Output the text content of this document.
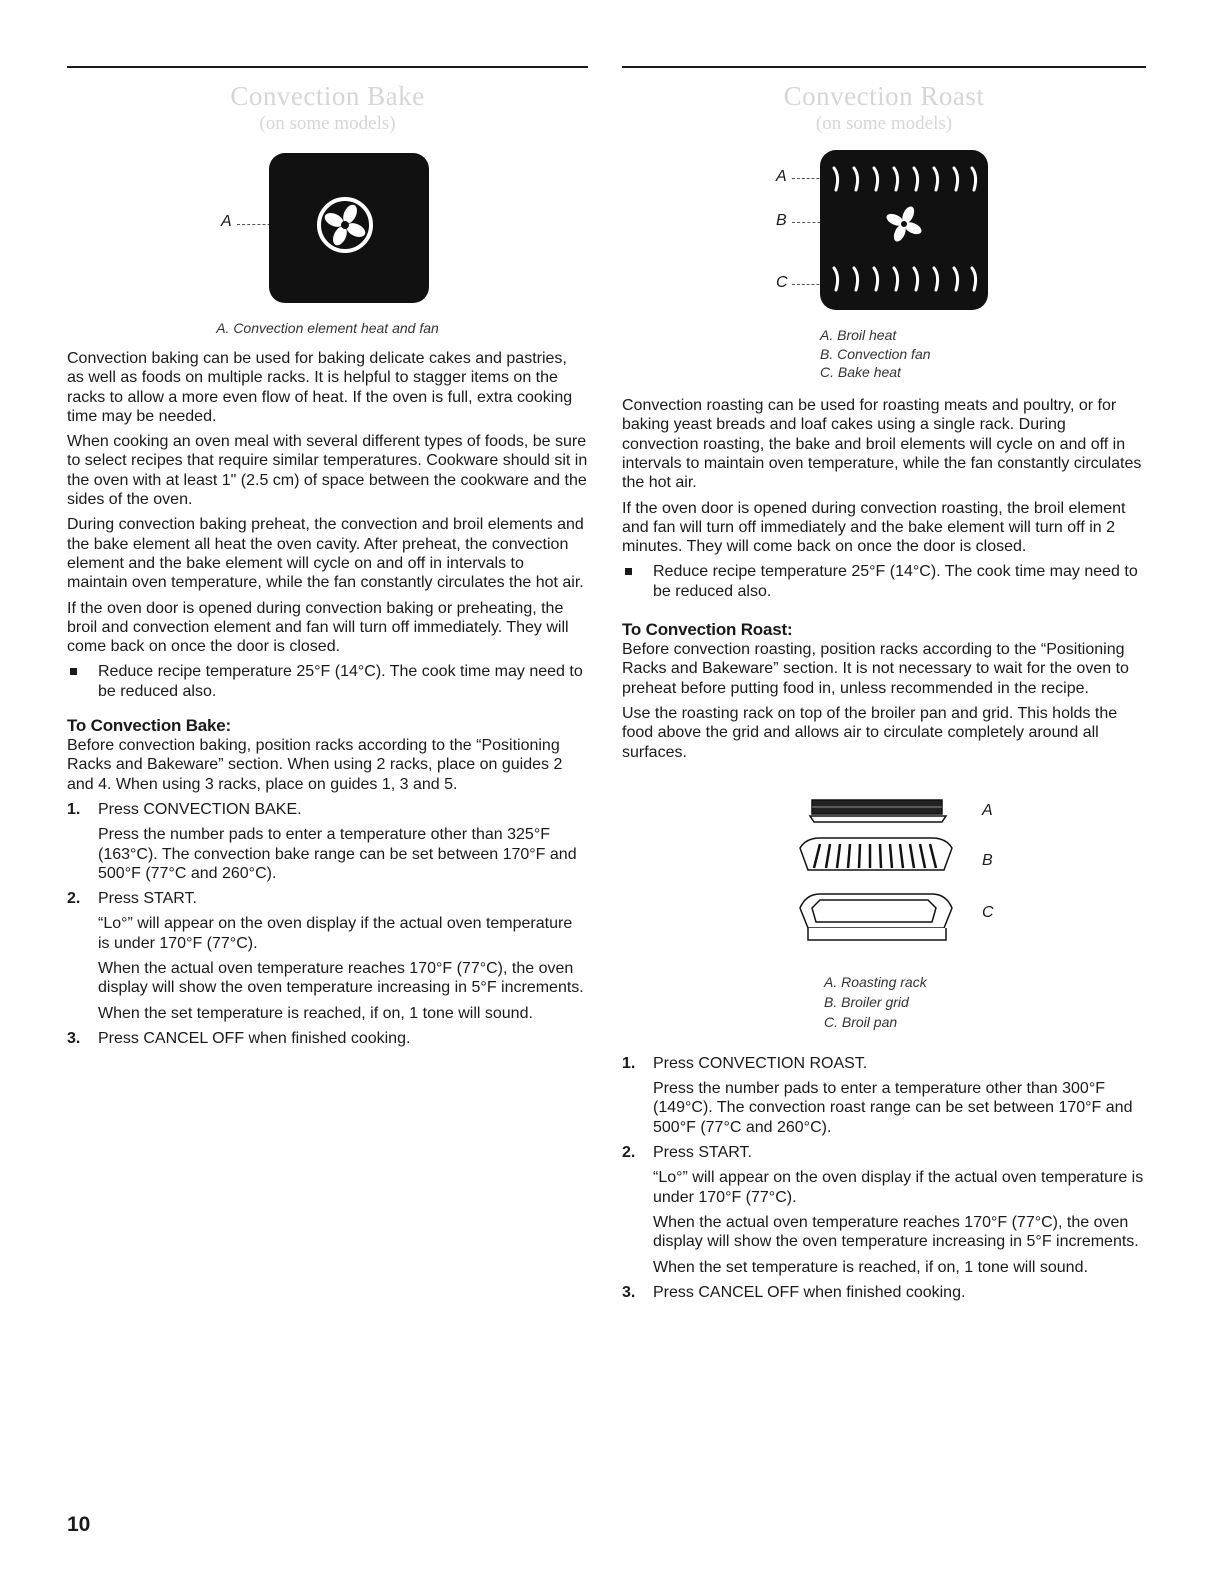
Convection Bake
(on some models)
A
A. Convection element heat and fan
Convection baking can be used for baking delicate cakes and pastries, as well as foods on multiple racks. It is helpful to stagger items on the racks to allow a more even flow of heat. If the oven is full, extra cooking time may be needed.
When cooking an oven meal with several different types of foods, be sure to select recipes that require similar temperatures. Cookware should sit in the oven with at least 1" (2.5 cm) of space between the cookware and the sides of the oven.
During convection baking preheat, the convection and broil elements and the bake element all heat the oven cavity. After preheat, the convection element and the bake element will cycle on and off in intervals to maintain oven temperature, while the fan constantly circulates the hot air.
If the oven door is opened during convection baking or preheating, the broil and convection element and fan will turn off immediately. They will come back on once the door is closed.
Reduce recipe temperature 25°F (14°C). The cook time may need to be reduced also.
To Convection Bake:
Before convection baking, position racks according to the “Positioning Racks and Bakeware” section. When using 2 racks, place on guides 2 and 4. When using 3 racks, place on guides 1, 3 and 5.
1. Press CONVECTION BAKE.

Press the number pads to enter a temperature other than 325°F (163°C). The convection bake range can be set between 170°F and 500°F (77°C and 260°C).

2. Press START.

“Lo°” will appear on the oven display if the actual oven temperature is under 170°F (77°C).

When the actual oven temperature reaches 170°F (77°C), the oven display will show the oven temperature increasing in 5°F increments.

When the set temperature is reached, if on, 1 tone will sound.

3. Press CANCEL OFF when finished cooking.

Convection Roast
(on some models)
A
B
C
A. Broil heat
B. Convection fan
C. Bake heat
Convection roasting can be used for roasting meats and poultry, or for baking yeast breads and loaf cakes using a single rack. During convection roasting, the bake and broil elements will cycle on and off in intervals to maintain oven temperature, while the fan constantly circulates the hot air.
If the oven door is opened during convection roasting, the broil element and fan will turn off immediately and the bake element will turn off in 2 minutes. They will come back on once the door is closed.
Reduce recipe temperature 25°F (14°C). The cook time may need to be reduced also.
To Convection Roast:
Before convection roasting, position racks according to the “Positioning Racks and Bakeware” section. It is not necessary to wait for the oven to preheat before putting food in, unless recommended in the recipe.
Use the roasting rack on top of the broiler pan and grid. This holds the food above the grid and allows air to circulate completely around all surfaces.
A
B
C
A. Roasting rack
B. Broiler grid
C. Broil pan
1. Press CONVECTION ROAST.

Press the number pads to enter a temperature other than 300°F (149°C). The convection roast range can be set between 170°F and 500°F (77°C and 260°C).

2. Press START.

“Lo°” will appear on the oven display if the actual oven temperature is under 170°F (77°C).

When the actual oven temperature reaches 170°F (77°C), the oven display will show the oven temperature increasing in 5°F increments.

When the set temperature is reached, if on, 1 tone will sound.

3. Press CANCEL OFF when finished cooking.

10
